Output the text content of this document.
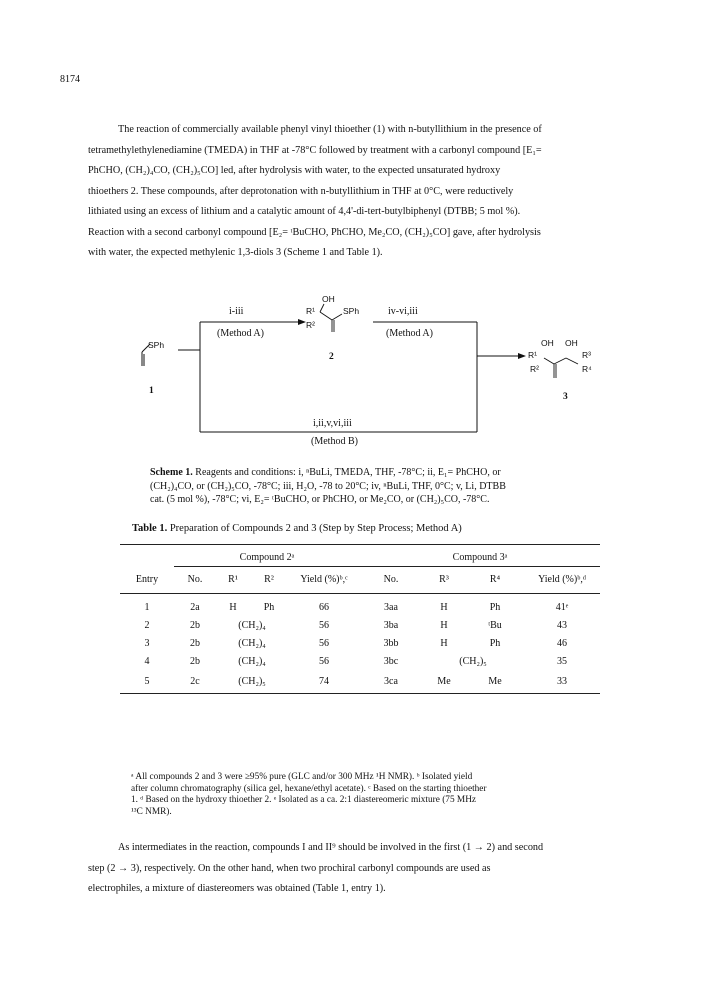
8174

The reaction of commercially available phenyl vinyl thioether (1) with n-butyllithium in the presence of

tetramethylethylenediamine (TMEDA) in THF at -78°C followed by treatment with a carbonyl compound [E₁=

PhCHO, (CH₂)₄CO, (CH₂)₅CO] led, after hydrolysis with water, to the expected unsaturated hydroxy

thioethers 2. These compounds, after deprotonation with n-butyllithium in THF at 0°C, were reductively

lithiated using an excess of lithium and a catalytic amount of 4,4'-di-tert-butylbiphenyl (DTBB; 5 mol %).

Reaction with a second carbonyl compound [E₂= ᵗBuCHO, PhCHO, Me₂CO, (CH₂)₅CO] gave, after hydrolysis

with water, the expected methylenic 1,3-diols 3 (Scheme 1 and Table 1).

SPh
1
i-iii
(Method A)
OH
R¹
R²
SPh
2
iv-vi,iii
(Method A)
i,ii,v,vi,iii
(Method B)
OH OH
R¹
R²
R³
R⁴
3
Scheme 1. Reagents and conditions: i, ⁿBuLi, TMEDA, THF, -78°C; ii, E₁= PhCHO, or
(CH₂)₄CO, or (CH₂)₅CO, -78°C; iii, H₂O, -78 to 20°C; iv, ⁿBuLi, THF, 0°C; v, Li, DTBB
cat. (5 mol %), -78°C; vi, E₂= ᵗBuCHO, or PhCHO, or Me₂CO, or (CH₂)₅CO, -78°C.
Table 1. Preparation of Compounds 2 and 3 (Step by Step Process; Method A)

	Compound 2ᵃ				Compound 3ᵃ			
Entry	No.	R¹	R²	Yield (%)ᵇ,ᶜ	No.	R³	R⁴	Yield (%)ᵇ,ᵈ

1	2a	H	Ph	66	3aa	H	Ph	41ᵉ
2	2b	(CH₂)₄		56	3ba	H	ᵗBu	43
3	2b	(CH₂)₄		56	3bb	H	Ph	46
4	2b	(CH₂)₄		56	3bc	(CH₂)₅		35
5	2c	(CH₂)₅		74	3ca	Me	Me	33
ᵃ All compounds 2 and 3 were ≥95% pure (GLC and/or 300 MHz ¹H NMR). ᵇ Isolated yield
after column chromatography (silica gel, hexane/ethyl acetate). ᶜ Based on the starting thioether
1. ᵈ Based on the hydroxy thioether 2. ᵉ Isolated as a ca. 2:1 diastereomeric mixture (75 MHz
¹³C NMR).

As intermediates in the reaction, compounds I and II⁹ should be involved in the first (1 → 2) and second

step (2 → 3), respectively. On the other hand, when two prochiral carbonyl compounds are used as

electrophiles, a mixture of diastereomers was obtained (Table 1, entry 1).
